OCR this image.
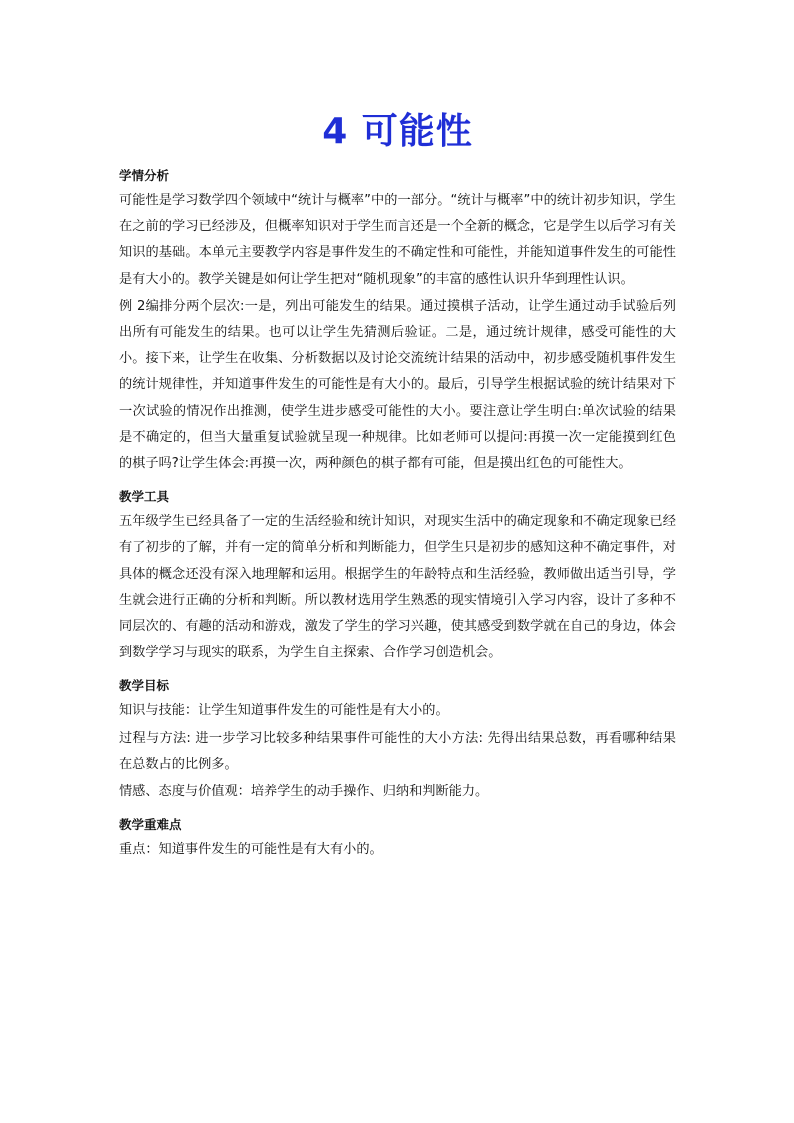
4 可能性

学情分析

可能性是学习数学四个领域中“统计与概率”中的一部分。“统计与概率”中的统计初步知识，学生在之前的学习已经涉及，但概率知识对于学生而言还是一个全新的概念，它是学生以后学习有关知识的基础。本单元主要教学内容是事件发生的不确定性和可能性，并能知道事件发生的可能性是有大小的。教学关键是如何让学生把对“随机现象”的丰富的感性认识升华到理性认识。

例 2编排分两个层次:一是，列出可能发生的结果。通过摸棋子活动，让学生通过动手试验后列出所有可能发生的结果。也可以让学生先猜测后验证。二是，通过统计规律，感受可能性的大小。接下来，让学生在收集、分析数据以及讨论交流统计结果的活动中，初步感受随机事件发生的统计规律性，并知道事件发生的可能性是有大小的。最后，引导学生根据试验的统计结果对下一次试验的情况作出推测，使学生进步感受可能性的大小。要注意让学生明白:单次试验的结果是不确定的，但当大量重复试验就呈现一种规律。比如老师可以提问:再摸一次一定能摸到红色的棋子吗?让学生体会:再摸一次，两种颜色的棋子都有可能，但是摸出红色的可能性大。

教学工具

五年级学生已经具备了一定的生活经验和统计知识，对现实生活中的确定现象和不确定现象已经有了初步的了解，并有一定的简单分析和判断能力，但学生只是初步的感知这种不确定事件，对具体的概念还没有深入地理解和运用。根据学生的年龄特点和生活经验，教师做出适当引导，学生就会进行正确的分析和判断。所以教材选用学生熟悉的现实情境引入学习内容，设计了多种不同层次的、有趣的活动和游戏，激发了学生的学习兴趣，使其感受到数学就在自己的身边，体会到数学学习与现实的联系，为学生自主探索、合作学习创造机会。

教学目标

知识与技能：让学生知道事件发生的可能性是有大小的。

过程与方法: 进一步学习比较多种结果事件可能性的大小方法: 先得出结果总数，再看哪种结果在总数占的比例多。

情感、态度与价值观：培养学生的动手操作、归纳和判断能力。

教学重难点

重点：知道事件发生的可能性是有大有小的。
